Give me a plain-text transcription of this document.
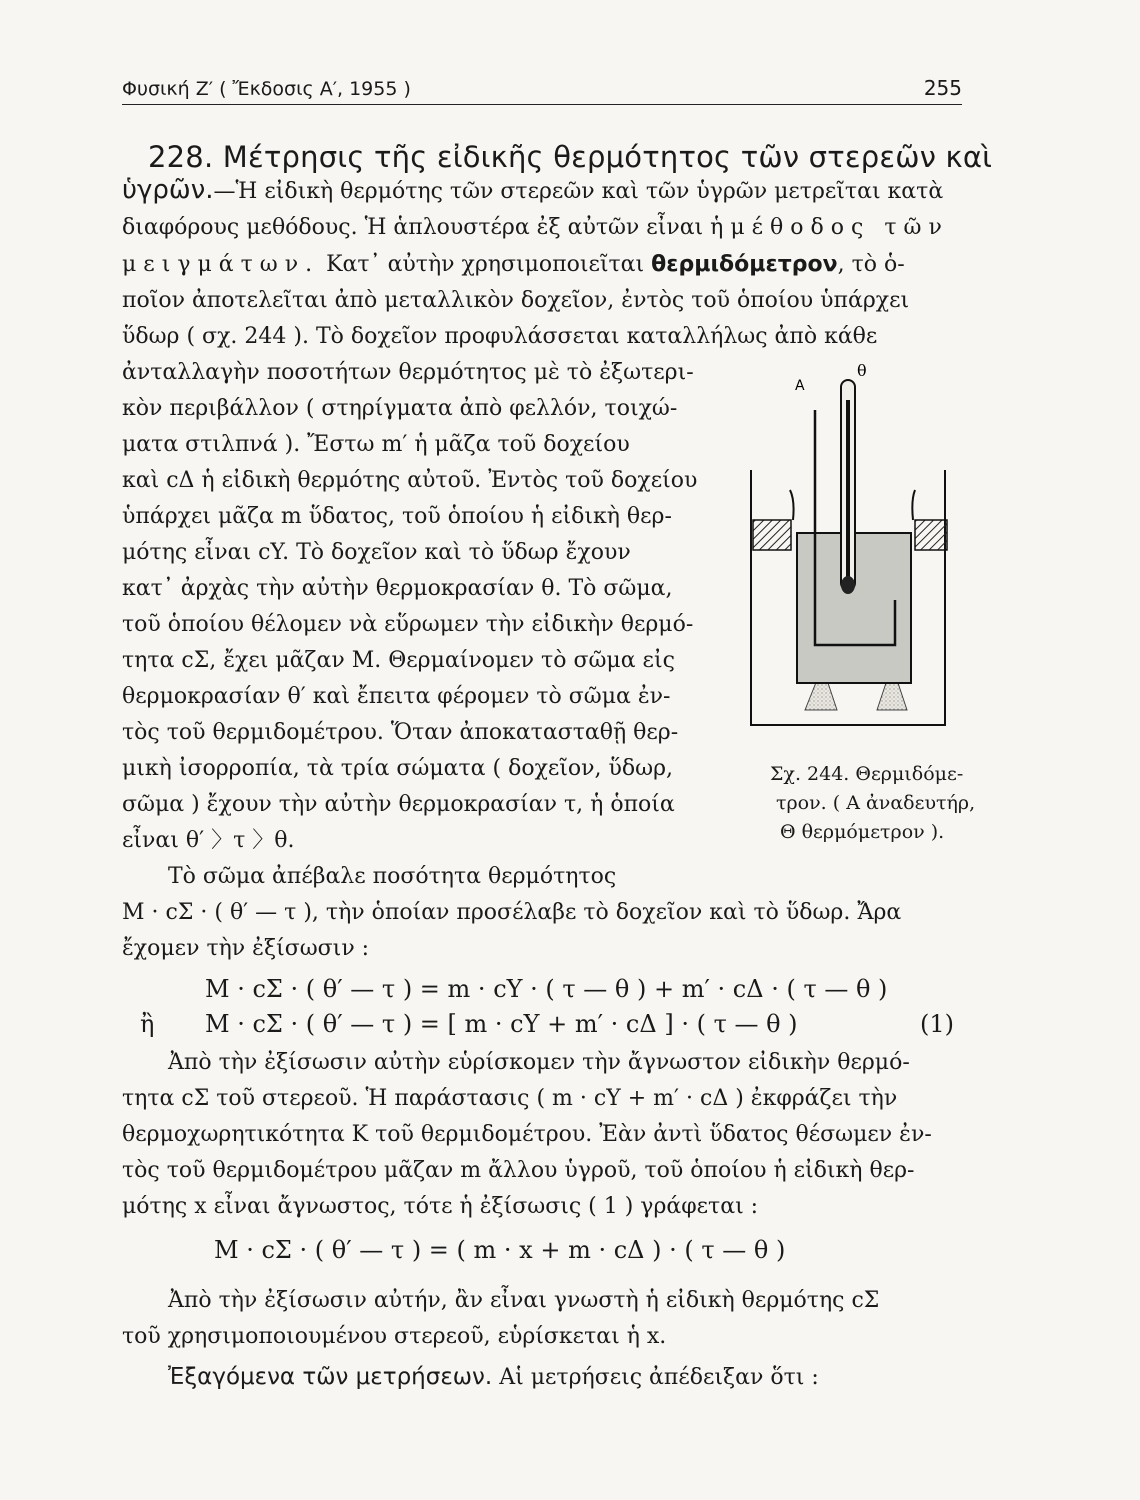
Φυσική Ζ′ ( Ἔκδοσις Α′, 1955 )	255
228. Μέτρησις τῆς εἰδικῆς θερμότητος τῶν στερεῶν καὶ
ὑγρῶν.—Ἡ εἰδικὴ θερμότης τῶν στερεῶν καὶ τῶν ὑγρῶν μετρεῖται κατὰ
διαφόρους μεθόδους. Ἡ ἁπλουστέρα ἐξ αὐτῶν εἶναι ἡ μέθοδος τῶν
μειγμάτων. Κατ᾽ αὐτὴν χρησιμοποιεῖται θερμιδόμετρον, τὸ ὁ-
ποῖον ἀποτελεῖται ἀπὸ μεταλλικὸν δοχεῖον, ἐντὸς τοῦ ὁποίου ὑπάρχει
ὕδωρ ( σχ. 244 ). Τὸ δοχεῖον προφυλάσσεται καταλλήλως ἀπὸ κάθε
ἀνταλλαγὴν ποσοτήτων θερμότητος μὲ τὸ ἐξωτερι-
κὸν περιβάλλον ( στηρίγματα ἀπὸ φελλόν, τοιχώ-
ματα στιλπνά ). Ἔστω m′ ἡ μᾶζα τοῦ δοχείου
καὶ cΔ ἡ εἰδικὴ θερμότης αὐτοῦ. Ἐντὸς τοῦ δοχείου
ὑπάρχει μᾶζα m ὕδατος, τοῦ ὁποίου ἡ εἰδικὴ θερ-
μότης εἶναι cY. Τὸ δοχεῖον καὶ τὸ ὕδωρ ἔχουν
κατ᾽ ἀρχὰς τὴν αὐτὴν θερμοκρασίαν θ. Τὸ σῶμα,
τοῦ ὁποίου θέλομεν νὰ εὕρωμεν τὴν εἰδικὴν θερμό-
τητα cΣ, ἔχει μᾶζαν Μ. Θερμαίνομεν τὸ σῶμα εἰς
θερμοκρασίαν θ′ καὶ ἔπειτα φέρομεν τὸ σῶμα ἐν-
τὸς τοῦ θερμιδομέτρου. Ὅταν ἀποκατασταθῇ θερ-
μικὴ ἰσορροπία, τὰ τρία σώματα ( δοχεῖον, ὕδωρ,
σῶμα ) ἔχουν τὴν αὐτὴν θερμοκρασίαν τ, ἡ ὁποία
εἶναι θ′ 〉τ 〉θ.
Τὸ σῶμα ἀπέβαλε ποσότητα θερμότητος
Μ · cΣ · ( θ′ — τ ), τὴν ὁποίαν προσέλαβε τὸ δοχεῖον καὶ τὸ ὕδωρ. Ἄρα
ἔχομεν τὴν ἐξίσωσιν :
Μ · cΣ · ( θ′ — τ ) = m · cY · ( τ — θ ) + m′ · cΔ · ( τ — θ )
ἢ Μ · cΣ · ( θ′ — τ ) = [ m · cY + m′ · cΔ ] · ( τ — θ )	(1)
Ἀπὸ τὴν ἐξίσωσιν αὐτὴν εὑρίσκομεν τὴν ἄγνωστον εἰδικὴν θερμό-
τητα cΣ τοῦ στερεοῦ. Ἡ παράστασις ( m · cY + m′ · cΔ ) ἐκφράζει τὴν
θερμοχωρητικότητα K τοῦ θερμιδομέτρου. Ἐὰν ἀντὶ ὕδατος θέσωμεν ἐν-
τὸς τοῦ θερμιδομέτρου μᾶζαν m ἄλλου ὑγροῦ, τοῦ ὁποίου ἡ εἰδικὴ θερ-
μότης x εἶναι ἄγνωστος, τότε ἡ ἐξίσωσις ( 1 ) γράφεται :
Μ · cΣ · ( θ′ — τ ) = ( m · x + m · cΔ ) · ( τ — θ )
Ἀπὸ τὴν ἐξίσωσιν αὐτήν, ἂν εἶναι γνωστὴ ἡ εἰδικὴ θερμότης cΣ
τοῦ χρησιμοποιουμένου στερεοῦ, εὑρίσκεται ἡ x.
Ἐξαγόμενα τῶν μετρήσεων. Αἱ μετρήσεις ἀπέδειξαν ὅτι :
Α
θ
Σχ. 244. Θερμιδόμε-
τρον. ( Α ἀναδευτήρ,
Θ θερμόμετρον ).
